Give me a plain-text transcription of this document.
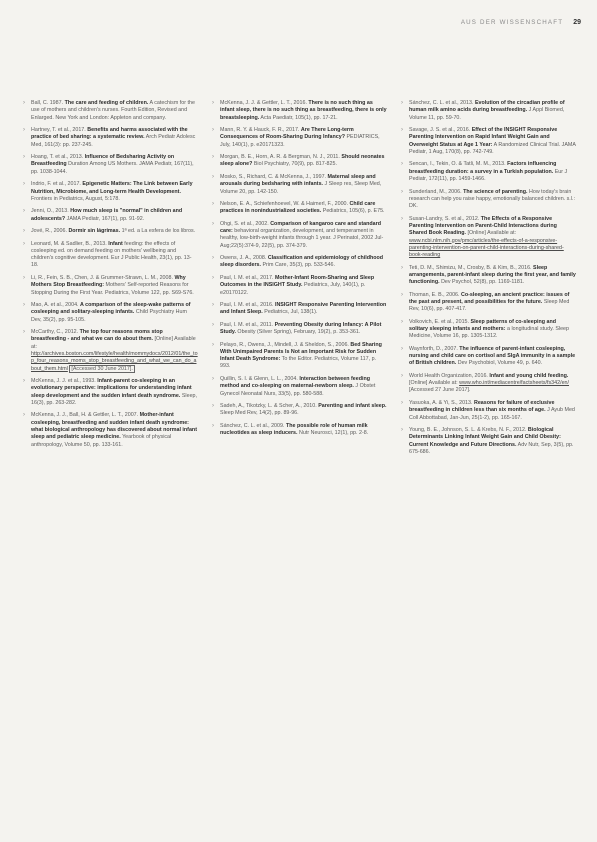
AUS DER WISSENSCHAFT 29
› Ball, C. 1987. The care and feeding of children. A catechism for the use of mothers and children's nurses. Fourth Edition, Revised and Enlarged. New York and London: Appleton and company.
› Hartney, T. et al., 2017. Benefits and harms associated with the practice of bed sharing: a systematic review. Arch Pediatr Adolesc Med, 161(3): pp. 237-245.
› Hoang, T. et al., 2013. Influence of Bedsharing Activity on Breastfeeding Duration Among US Mothers. JAMA Pediatr, 167(11), pp. 1038-1044.
› Indrio, F. et al., 2017. Epigenetic Matters: The Link between Early Nutrition, Microbiome, and Long-term Health Development. Frontiers in Pediatrics, August, 5:178.
› Jenni, O., 2013. How much sleep is "normal" in children and adolescents? JAMA Pediatr, 167(1), pp. 91-92.
› Jové, R., 2006. Dormir sin lágrimas. 1ª ed. a La esfera de los libros.
› Leonard, M. & Sadlier, B., 2013. Infant feeding: the effects of cosleeping ed. on demand feeding on mothers' wellbeing and children's cognitive development. Eur J Public Health, 23(1), pp. 13-18.
› Li, R., Fein, S. B., Chen, J. & Grummer-Strawn, L. M., 2008. Why Mothers Stop Breastfeeding: Mothers' Self-reported Reasons for Stopping During the First Year. Pediatrics, Volume 122, pp. S69-S76.
› Mao, A. et al., 2004. A comparison of the sleep-wake patterns of cosleeping and solitary-sleeping infants. Child Psychiatry Hum Dev, 35(2), pp. 95-105.
› McCarthy, C., 2012. The top four reasons moms stop breastfeeding - and what we can do about them. [Online] Available at: http://archives.boston.com/lifestyle/health/mommydocs/2012/01/the_top_four_reasons_moms_stop_breastfeeding_and_what_we_can_do_about_them.html [Accessed 30 June 2017].
› McKenna, J. J. et al., 1993. Infant-parent co-sleeping in an evolutionary perspective: implications for understanding infant sleep development and the sudden infant death syndrome. Sleep, 16(3), pp. 263-282.
› McKenna, J. J., Ball, H. & Gettler, L. T., 2007. Mother-infant cosleeping, breastfeeding and sudden infant death syndrome: what biological anthropology has discovered about normal infant sleep and pediatric sleep medicine. Yearbook of physical anthropology, Volume 50, pp. 133-161.
› McKenna, J. J. & Gettler, L. T., 2016. There is no such thing as infant sleep, there is no such thing as breastfeeding, there is only breastsleeping. Acta Paediatr, 105(1), pp. 17-21.
› Mann, R. Y. & Hauck, F. R., 2017. Are There Long-term Consequences of Room-Sharing During Infancy? PEDIATRICS, July, 140(1), p. e20171323.
› Morgan, B. E., Horn, A. R. & Bergman, N. J., 2011. Should neonates sleep alone? Biol Psychiatry, 70(9), pp. 817-825.
› Mosko, S., Richard, C. & McKenna, J., 1997. Maternal sleep and arousals during bedsharing with infants. J Sleep res, Sleep Med, Volume 20, pp. 142-150.
› Nelson, E. A., Schiefenhoevel, W. & Haimerl, F., 2000. Child care practices in nonindustrialized societies. Pediatrics, 105(6), p. E75.
› Ohgi, S. et al., 2002. Comparison of kangaroo care and standard care: behavioral organization, development, and temperament in healthy, low-birth-weight infants through 1 year. J Perinatol, 2002 Jul-Aug;22(5):374-9, 22(5), pp. 374-379.
› Owens, J. A., 2008. Classification and epidemiology of childhood sleep disorders. Prim Care, 35(3), pp. 533-546.
› Paul, I. M. et al., 2017. Mother-Infant Room-Sharing and Sleep Outcomes in the INSIGHT Study. Pediatrics, July, 140(1), p. e20170122.
› Paul, I. M. et al., 2016. INSIGHT Responsive Parenting Intervention and Infant Sleep. Pediatrics, Jul, 138(1).
› Paul, I. M. et al., 2011. Preventing Obesity during Infancy: A Pilot Study. Obesity (Silver Spring), February, 19(2), p. 353-361.
› Pelayo, R., Owens, J., Mindell, J. & Sheldon, S., 2006. Bed Sharing With Unimpaired Parents Is Not an Important Risk for Sudden Infant Death Syndrome: To the Editor. Pediatrics, Volume 117, p. 993.
› Quillin, S. I. & Glenn, L. L., 2004. Interaction between feeding method and co-sleeping on maternal-newborn sleep. J Obstet Gynecol Neonatal Nurs, 33(5), pp. 580-588.
› Sadeh, A., Tikotzky, L. & Scher, A., 2010. Parenting and infant sleep. Sleep Med Rev, 14(2), pp. 89-96.
› Sánchez, C. L. et al., 2009. The possible role of human milk nucleotides as sleep inducers. Nutr Neurosci, 12(1), pp. 2-8.
› Sánchez, C. L. et al., 2013. Evolution of the circadian profile of human milk amino acids during breastfeeding. J Appl Biomed, Volume 11, pp. 59-70.
› Savage, J. S. et al., 2016. Effect of the INSIGHT Responsive Parenting Intervention on Rapid Infant Weight Gain and Overweight Status at Age 1 Year: A Randomized Clinical Trial. JAMA Pediatr, 1 Aug, 170(8), pp. 742-749.
› Sencan, I., Tekin, O. & Tatli, M. M., 2013. Factors influencing breastfeeding duration: a survey in a Turkish population. Eur J Pediatr, 172(11), pp. 1459-1466.
› Sunderland, M., 2006. The science of parenting. How today's brain research can help you raise happy, emotionally balanced children. s.l.: DK.
› Susan-Landry, S. et al., 2012. The Effects of a Responsive Parenting Intervention on Parent-Child Interactions during Shared Book Reading. [Online] Available at: www.ncbi.nlm.nih.gov/pmc/articles/the-effects-of-a-responsive-parenting-intervention-on-parent-child-interactions-during-shared-book-reading
› Teti, D. M., Shimizu, M., Crosby, B. & Kim, B., 2016. Sleep arrangements, parent-infant sleep during the first year, and family functioning. Dev Psychol, 52(8), pp. 1169-1181.
› Thoman, E. B., 2006. Co-sleeping, an ancient practice: issues of the past and present, and possibilities for the future. Sleep Med Rev, 10(6), pp. 407-417.
› Volkovich, E. et al., 2015. Sleep patterns of co-sleeping and solitary sleeping infants and mothers: a longitudinal study. Sleep Medicine, Volume 16, pp. 1305-1312.
› Waynforth, D., 2007. The influence of parent-infant cosleeping, nursing and child care on cortisol and SIgA immunity in a sample of British children. Dev Psychobiol, Volume 49, p. 640.
› World Health Organization, 2016. Infant and young child feeding. [Online] Available at: www.who.int/mediacentre/factsheets/fs342/en/ [Accessed 27 June 2017].
› Yasuoka, A. & Yi, S., 2013. Reasons for failure of exclusive breastfeeding in children less than six months of age. J Ayub Med Coll Abbottabad, Jan-Jun, 25(1-2), pp. 165-167.
› Young, B. E., Johnson, S. L. & Krebs, N. F., 2012. Biological Determinants Linking Infant Weight Gain and Child Obesity: Current Knowledge and Future Directions. Adv Nutr, Sep, 3(5), pp. 675-686.
